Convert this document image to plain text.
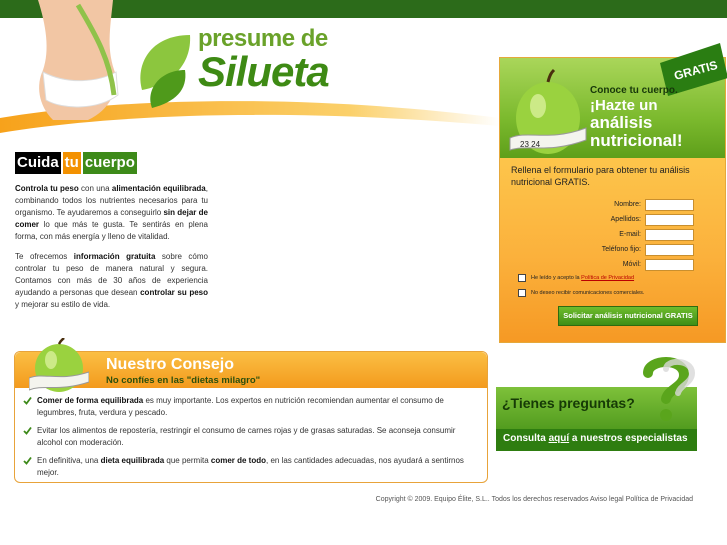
presume de
Silueta
Cuida tu cuerpo

Controla tu peso con una alimentación equilibrada, combinando todos los nutrientes necesarios para tu organismo. Te ayudaremos a conseguirlo sin dejar de comer lo que más te gusta. Te sentirás en plena forma, con más energía y lleno de vitalidad.

Te ofrecemos información gratuita sobre cómo controlar tu peso de manera natural y segura. Contamos con más de 30 años de experiencia ayudando a personas que desean controlar su peso y mejorar su estilo de vida.

23 24
GRATIS
Conoce tu cuerpo.
¡Hazte un
análisis
nutricional!
Rellena el formulario para obtener tu análisis nutricional GRATIS.
Nombre:
Apellidos:
E-mail:
Teléfono fijo:
Móvil:
He leído y acepto la Política de Privacidad
No deseo recibir comunicaciones comerciales.
Solicitar análisis nutricional GRATIS
Nuestro Consejo
No confíes en las "dietas milagro"
Comer de forma equilibrada es muy importante. Los expertos en nutrición recomiendan aumentar el consumo de legumbres, fruta, verdura y pescado.
Evitar los alimentos de repostería, restringir el consumo de carnes rojas y de grasas saturadas. Se aconseja consumir alcohol con moderación.
En definitiva, una dieta equilibrada que permita comer de todo, en las cantidades adecuadas, nos ayudará a sentirnos mejor.
¿Tienes preguntas?
Consulta aquí a nuestros especialistas
Copyright © 2009. Equipo Élite, S.L.. Todos los derechos reservados Aviso legal Política de Privacidad
